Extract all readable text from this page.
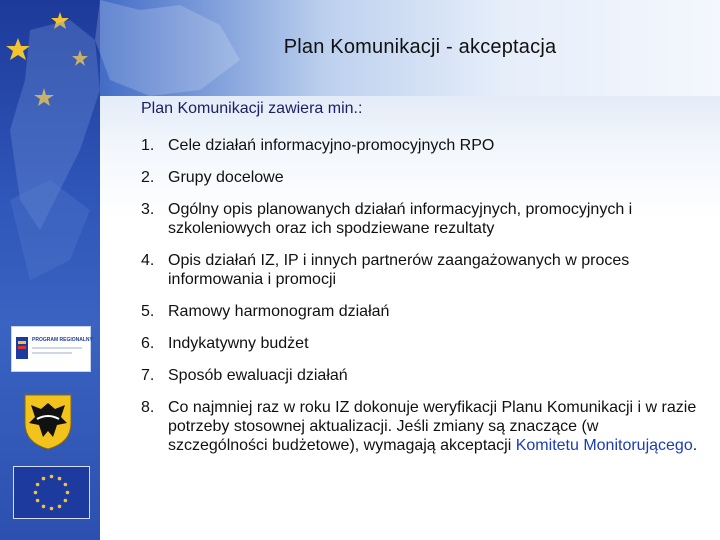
Plan Komunikacji - akceptacja
Plan Komunikacji zawiera min.:
1. Cele działań informacyjno-promocyjnych RPO
2. Grupy docelowe
3. Ogólny opis planowanych działań informacyjnych, promocyjnych i szkoleniowych oraz ich spodziewane rezultaty
4. Opis działań IZ, IP i innych partnerów zaangażowanych w proces informowania i promocji
5. Ramowy harmonogram działań
6. Indykatywny budżet
7. Sposób ewaluacji działań
8. Co najmniej raz w roku IZ dokonuje weryfikacji Planu Komunikacji i w razie potrzeby stosownej aktualizacji. Jeśli zmiany są znaczące (w szczególności budżetowe), wymagają akceptacji Komitetu Monitorującego.
PROGRAM REGIONALNY
